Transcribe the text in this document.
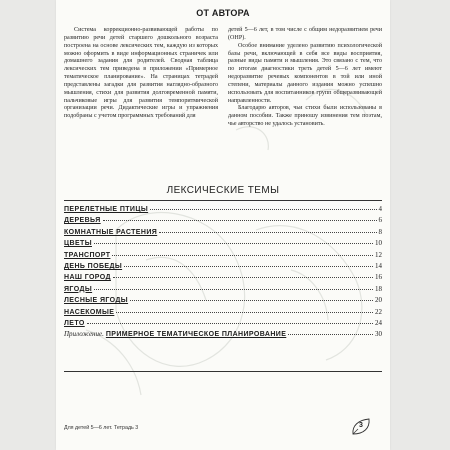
ОТ АВТОРА

Система коррекционно-развивающей работы по развитию речи детей старшего дошкольного возраста построена на основе лексических тем, каждую из которых можно оформить в виде информационных страничек или домашнего задания для родителей. Сводная таблица лексических тем приведена в приложении «Примерное тематическое планирование». На страницах тетрадей представлены загадки для развития наглядно-образного мышления, стихи для развития долговременной памяти, пальчиковые игры для развития темпоритмической организации речи. Дидактические игры и упражнения подобраны с учетом программных требований для

детей 5—6 лет, в том числе с общим недоразвитием речи (ОНР).

Особое внимание уделено развитию психологической базы речи, включающей в себя все виды восприятия, разные виды памяти и мышления. Это связано с тем, что по итогам диагностики треть детей 5—6 лет имеют недоразвитие речевых компонентов в той или иной степени, материалы данного издания можно успешно использовать для воспитанников групп общеразвивающей направленности.

Благодарю авторов, чьи стихи были использованы в данном пособии. Также приношу извинения тем поэтам, чье авторство не удалось установить.

ЛЕКСИЧЕСКИЕ ТЕМЫ
ПЕРЕЛЕТНЫЕ ПТИЦЫ	4
ДЕРЕВЬЯ	6
КОМНАТНЫЕ РАСТЕНИЯ	8
ЦВЕТЫ	10
ТРАНСПОРТ	12
ДЕНЬ ПОБЕДЫ	14
НАШ ГОРОД	16
ЯГОДЫ	18
ЛЕСНЫЕ ЯГОДЫ	20
НАСЕКОМЫЕ	22
ЛЕТО	24
Приложение. ПРИМЕРНОЕ ТЕМАТИЧЕСКОЕ ПЛАНИРОВАНИЕ	30
Для детей 5—6 лет. Тетрадь 3	3
